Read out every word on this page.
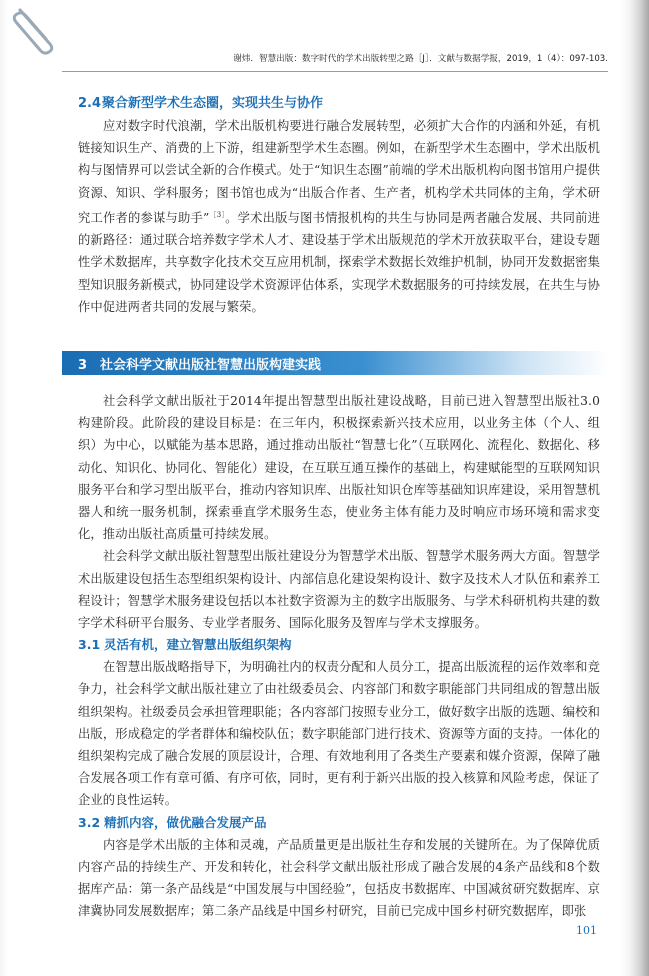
谢炜．智慧出版：数字时代的学术出版转型之路［J］．文献与数据学报，2019，1（4）：097-103.
2.4聚合新型学术生态圈，实现共生与协作

应对数字时代浪潮，学术出版机构要进行融合发展转型，必须扩大合作的内涵和外延，有机链接知识生产、消费的上下游，组建新型学术生态圈。例如，在新型学术生态圈中，学术出版机构与图情界可以尝试全新的合作模式。处于“知识生态圈”前端的学术出版机构向图书馆用户提供资源、知识、学科服务；图书馆也成为“出版合作者、生产者，机构学术共同体的主角，学术研究工作者的参谋与助手”$^{[3]}$。学术出版与图书情报机构的共生与协同是两者融合发展、共同前进的新路径：通过联合培养数字学术人才、建设基于学术出版规范的学术开放获取平台，建设专题性学术数据库，共享数字化技术交互应用机制，探索学术数据长效维护机制，协同开发数据密集型知识服务新模式，协同建设学术资源评估体系，实现学术数据服务的可持续发展，在共生与协作中促进两者共同的发展与繁荣。

3 社会科学文献出版社智慧出版构建实践

社会科学文献出版社于2014年提出智慧型出版社建设战略，目前已进入智慧型出版社3.0构建阶段。此阶段的建设目标是：在三年内，积极探索新兴技术应用，以业务主体（个人、组织）为中心，以赋能为基本思路，通过推动出版社“智慧七化”（互联网化、流程化、数据化、移动化、知识化、协同化、智能化）建设，在互联互通互操作的基础上，构建赋能型的互联网知识服务平台和学习型出版平台，推动内容知识库、出版社知识仓库等基础知识库建设，采用智慧机器人和统一服务机制，探索垂直学术服务生态，使业务主体有能力及时响应市场环境和需求变化，推动出版社高质量可持续发展。

社会科学文献出版社智慧型出版社建设分为智慧学术出版、智慧学术服务两大方面。智慧学术出版建设包括生态型组织架构设计、内部信息化建设架构设计、数字及技术人才队伍和素养工程设计；智慧学术服务建设包括以本社数字资源为主的数字出版服务、与学术科研机构共建的数字学术科研平台服务、专业学者服务、国际化服务及智库与学术支撑服务。

3.1 灵活有机，建立智慧出版组织架构

在智慧出版战略指导下，为明确社内的权责分配和人员分工，提高出版流程的运作效率和竞争力，社会科学文献出版社建立了由社级委员会、内容部门和数字职能部门共同组成的智慧出版组织架构。社级委员会承担管理职能；各内容部门按照专业分工，做好数字出版的选题、编校和出版，形成稳定的学者群体和编校队伍；数字职能部门进行技术、资源等方面的支持。一体化的组织架构完成了融合发展的顶层设计，合理、有效地利用了各类生产要素和媒介资源，保障了融合发展各项工作有章可循、有序可依，同时，更有利于新兴出版的投入核算和风险考虑，保证了企业的良性运转。

3.2 精抓内容，做优融合发展产品

内容是学术出版的主体和灵魂，产品质量更是出版社生存和发展的关键所在。为了保障优质内容产品的持续生产、开发和转化，社会科学文献出版社形成了融合发展的4条产品线和8个数据库产品：第一条产品线是“中国发展与中国经验”，包括皮书数据库、中国减贫研究数据库、京津冀协同发展数据库；第二条产品线是中国乡村研究，目前已完成中国乡村研究数据库，即张

101
